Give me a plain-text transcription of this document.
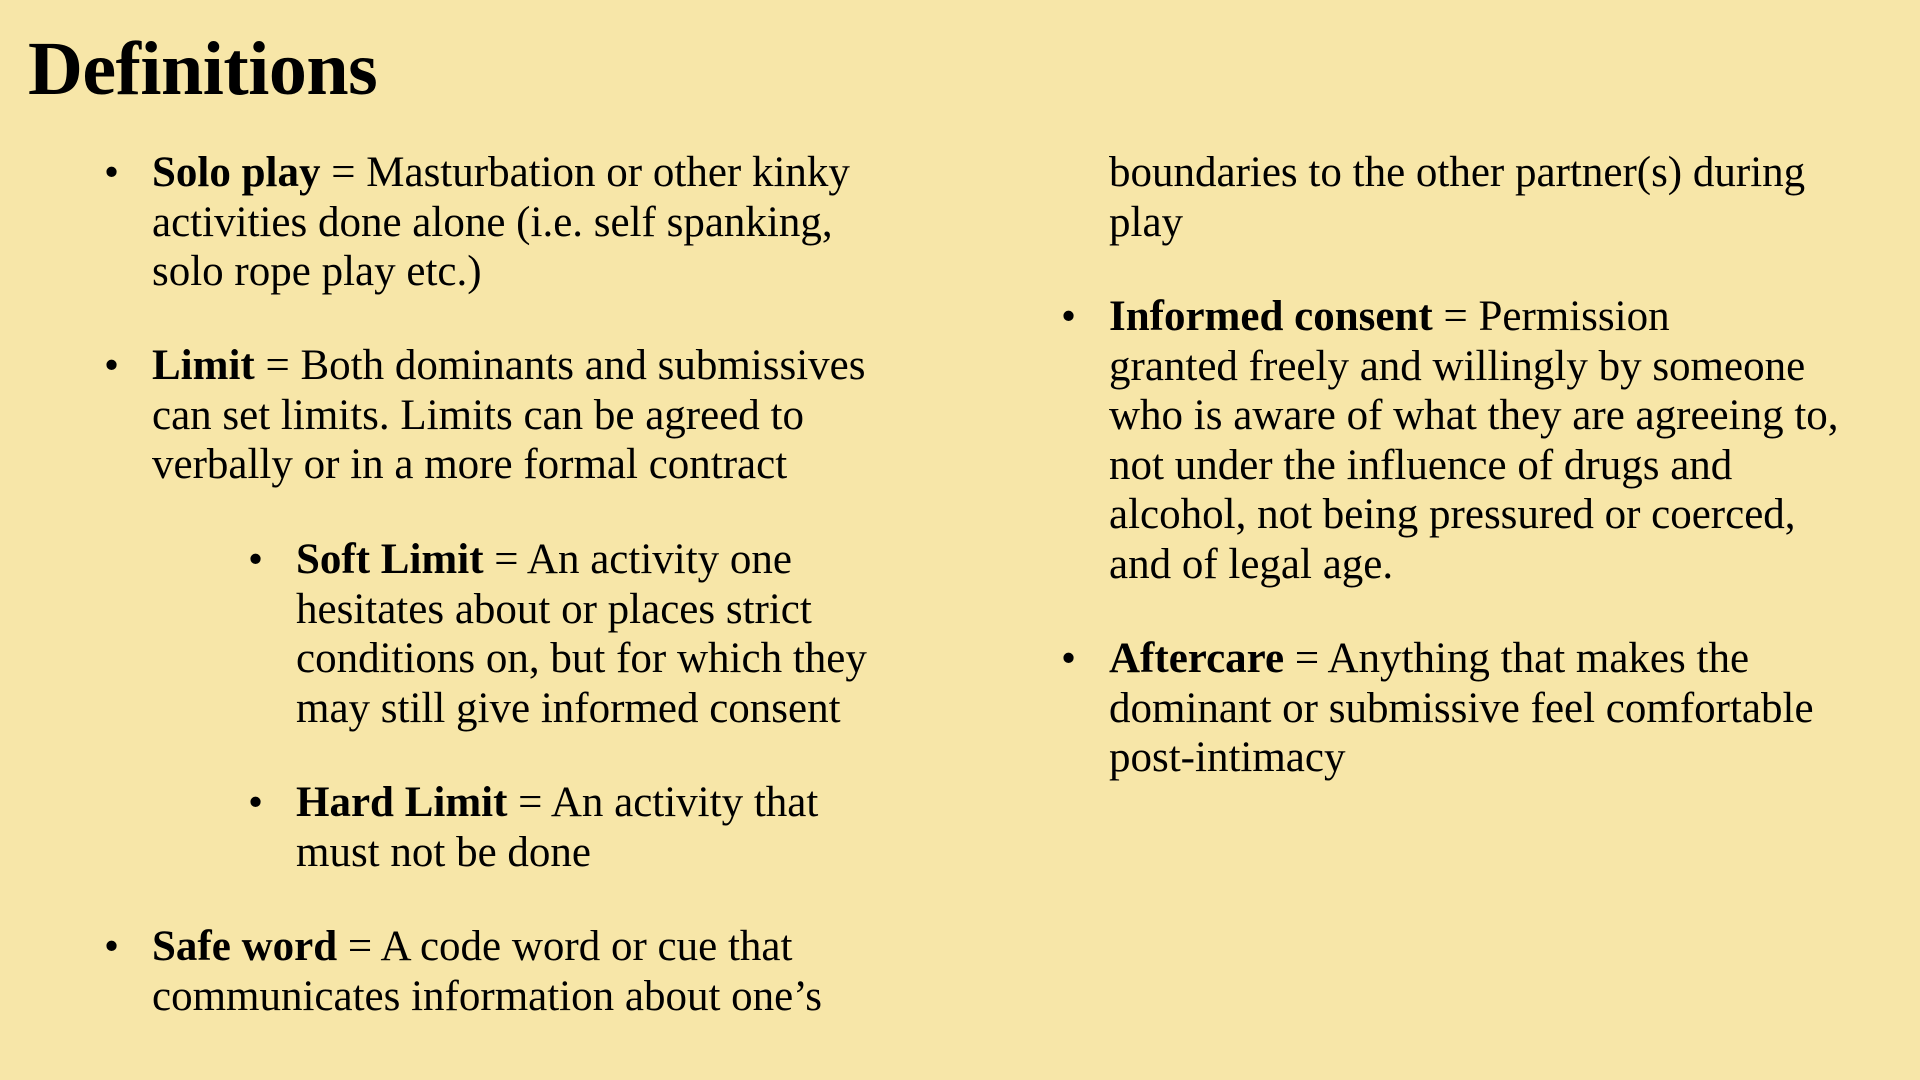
Definitions
• Solo play = Masturbation or other kinky
activities done alone (i.e. self spanking,
solo rope play etc.)
• Limit = Both dominants and submissives
can set limits. Limits can be agreed to
verbally or in a more formal contract
• Soft Limit = An activity one
hesitates about or places strict
conditions on, but for which they
may still give informed consent
• Hard Limit = An activity that
must not be done
• Safe word = A code word or cue that
communicates information about one’s
boundaries to the other partner(s) during
play
• Informed consent = Permission
granted freely and willingly by someone
who is aware of what they are agreeing to,
not under the influence of drugs and
alcohol, not being pressured or coerced,
and of legal age.
• Aftercare = Anything that makes the
dominant or submissive feel comfortable
post-intimacy
